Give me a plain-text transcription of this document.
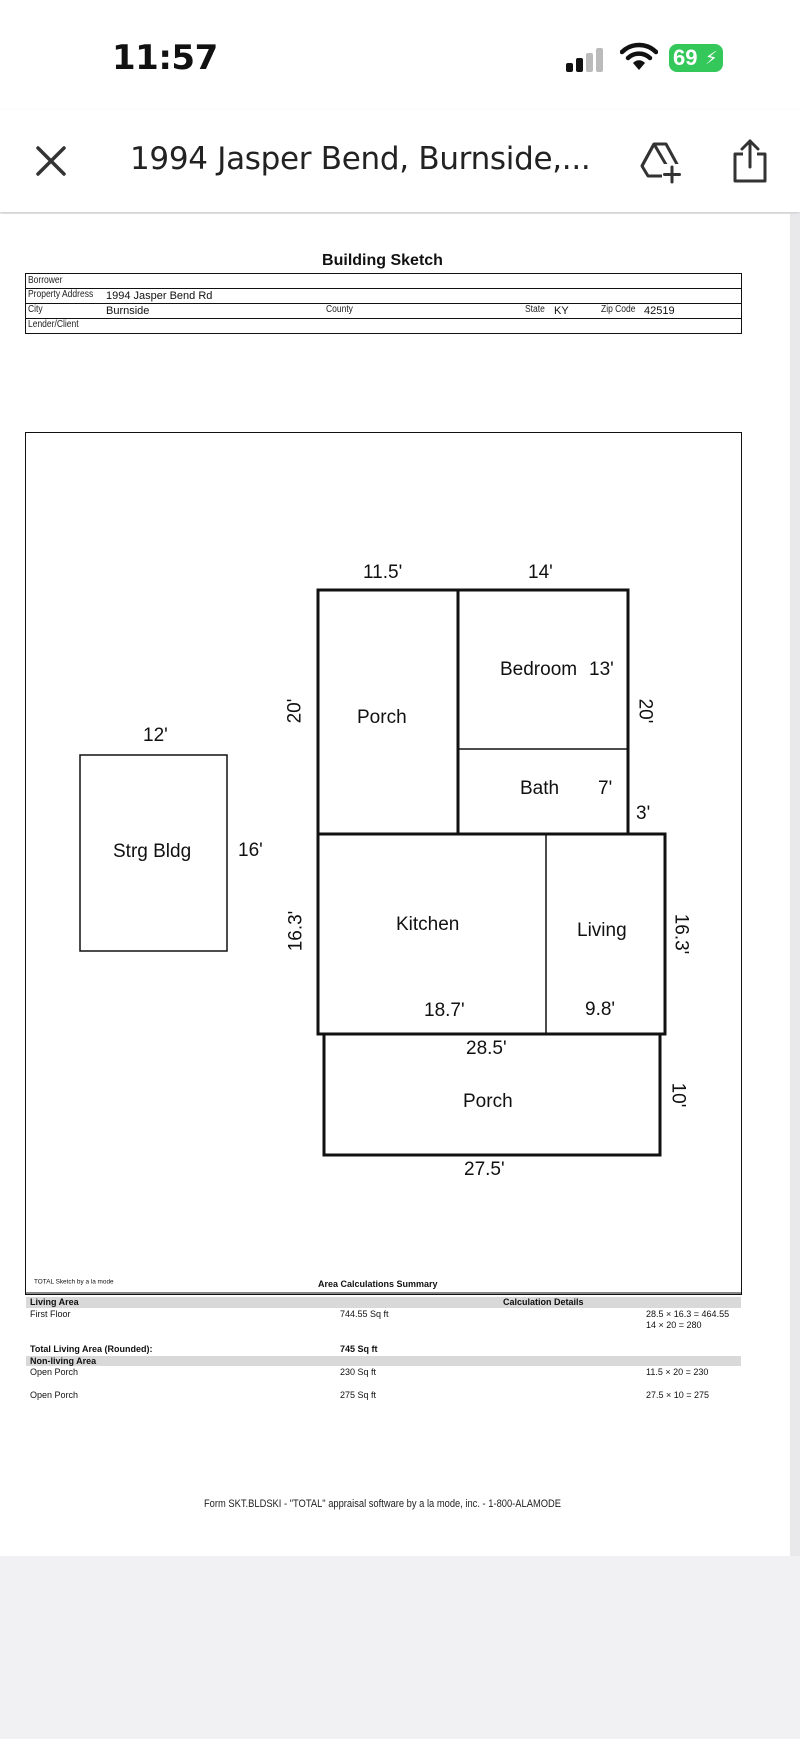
11:57	69 ⚡︎
1994 Jasper Bend, Burnside,...
Building Sketch
Borrower
Property Address 1994 Jasper Bend Rd
City	Burnside	County	State KY	Zip Code 42519
Lender/Client
Porch
Bedroom
Bath
Kitchen	Living
Porch
Strg Bldg
11.5'	14'
20'
13'
20'
7'
3'
16.3'	16.3'
18.7'	9.8'
28.5'
10'
27.5'
12'
16'
TOTAL Sketch by a la mode	Area Calculations Summary
Living Area	Calculation Details
First Floor	744.55 Sq ft	28.5 × 16.3 = 464.55
14 × 20 = 280
Total Living Area (Rounded):	745 Sq ft
Non-living Area
Open Porch	230 Sq ft	11.5 × 20 = 230
Open Porch	275 Sq ft	27.5 × 10 = 275
Form SKT.BLDSKI - "TOTAL" appraisal software by a la mode, inc. - 1-800-ALAMODE
